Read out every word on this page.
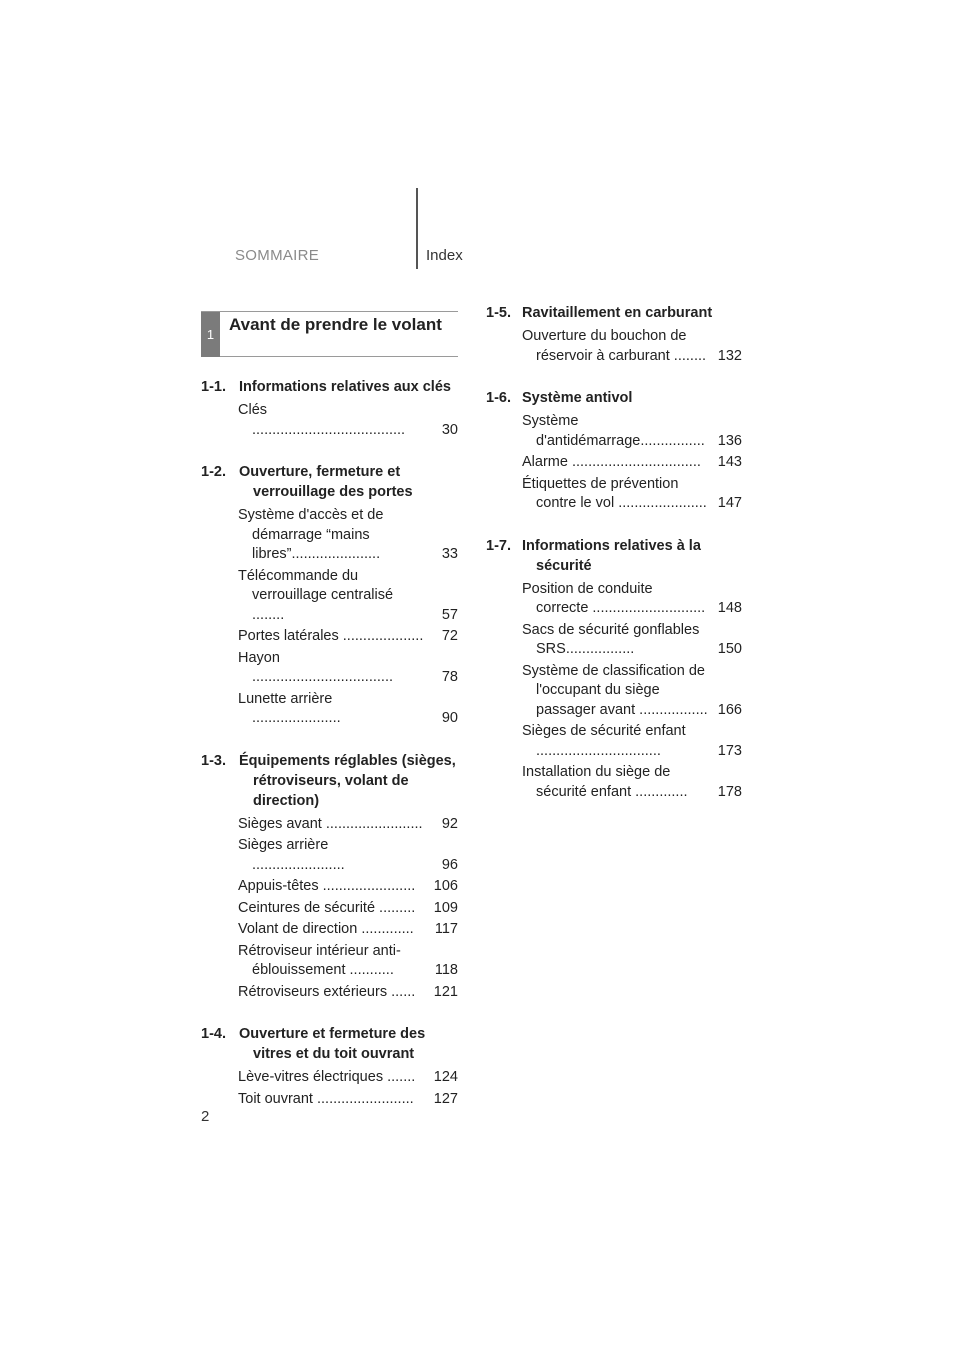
SOMMAIRE	Index
1
Avant de prendre le volant
1-1. Informations relatives aux clés
Clés ......................................	30
1-2. Ouverture, fermeture et verrouillage des portes
Système d'accès et de démarrage “mains libres”......................	33
Télécommande du verrouillage centralisé ........	57
Portes latérales ....................	72
Hayon ...................................	78
Lunette arrière ......................	90
1-3. Équipements réglables (sièges, rétroviseurs, volant de direction)
Sièges avant ........................	92
Sièges arrière .......................	96
Appuis-têtes .......................	106
Ceintures de sécurité .........	109
Volant de direction .............	117
Rétroviseur intérieur anti-éblouissement ...........	118
Rétroviseurs extérieurs ......	121
1-4. Ouverture et fermeture des vitres et du toit ouvrant
Lève-vitres électriques .......	124
Toit ouvrant ........................	127
1-5. Ravitaillement en carburant
Ouverture du bouchon de réservoir à carburant ........ 132
1-6. Système antivol
Système d'antidémarrage................ 136
Alarme ................................	143
Étiquettes de prévention contre le vol ...................... 147
1-7. Informations relatives à la sécurité
Position de conduite correcte ............................ 148
Sacs de sécurité gonflables SRS.................	150
Système de classification de l'occupant du siège passager avant ................. 166
Sièges de sécurité enfant ...............................	173
Installation du siège de sécurité enfant .............	178
2
